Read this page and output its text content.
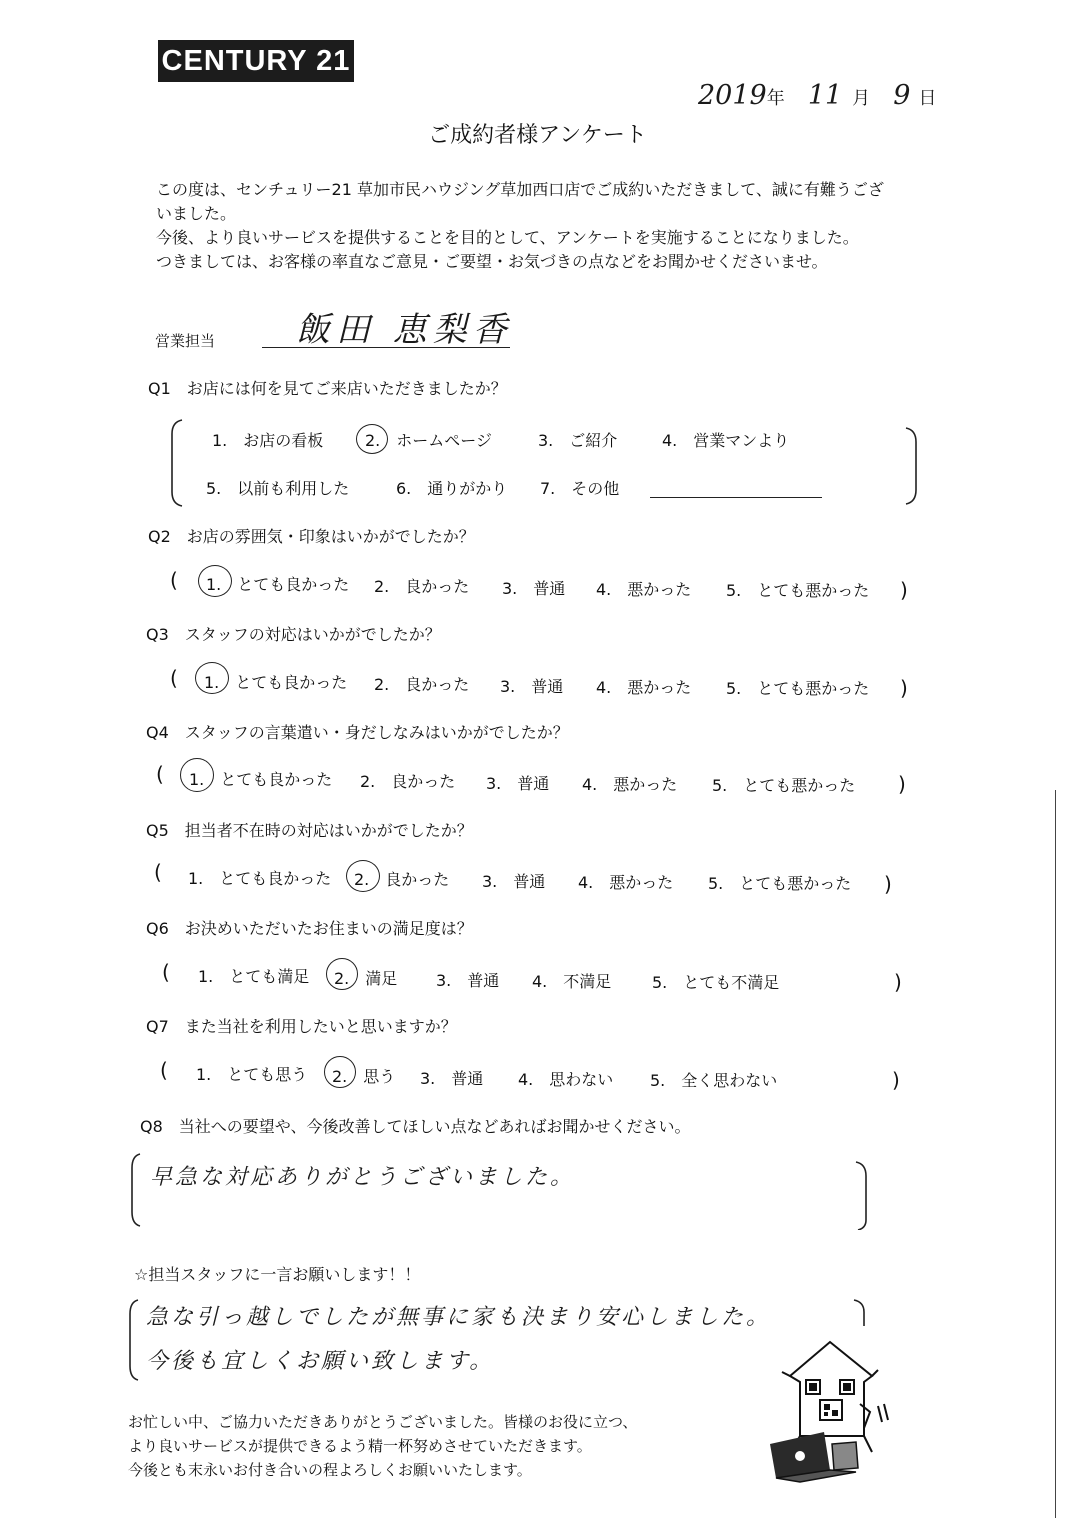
CENTURY 21
2019年 11 月 9 日
ご成約者様アンケート
この度は、センチュリー21 草加市民ハウジング草加西口店でご成約いただきまして、誠に有難うござ
いました。
今後、より良いサービスを提供することを目的として、アンケートを実施することになりました。
つきましては、お客様の率直なご意見・ご要望・お気づきの点などをお聞かせくださいませ。
営業担当 飯田 恵梨香
Q1　お店には何を見てご来店いただきましたか？
1.　お店の看板	2.　ホームページ	3.　ご紹介	4.　営業マンより
5.　以前も利用した	6.　通りがかり 7.　その他
Q2　お店の雰囲気・印象はいかがでしたか？
( 1.　とても良かった 2.　良かった 3.　普通 4.　悪かった 5.　とても悪かった )
Q3　スタッフの対応はいかがでしたか？
( 1.　とても良かった 2.　良かった 3.　普通 4.　悪かった 5.　とても悪かった )
Q4　スタッフの言葉遣い・身だしなみはいかがでしたか？
( 1.　とても良かった 2.　良かった 3.　普通 4.　悪かった 5.　とても悪かった )
Q5　担当者不在時の対応はいかがでしたか？
( 1.　とても良かった 2.　良かった 3.　普通 4.　悪かった 5.　とても悪かった )
Q6　お決めいただいたお住まいの満足度は？
( 1.　とても満足 2.　満足 3.　普通 4.　不満足	5.　とても不満足	)
Q7　また当社を利用したいと思いますか？
( 1.　とても思う 2.　思う 3.　普通 4.　思わない 5.　全く思わない	)
Q8　当社への要望や、今後改善してほしい点などあればお聞かせください。
早急な対応ありがとうございました。
☆担当スタッフに一言お願いします！！
急な引っ越しでしたが無事に家も決まり安心しました。
今後も宜しくお願い致します。
お忙しい中、ご協力いただきありがとうございました。皆様のお役に立つ、
より良いサービスが提供できるよう精一杯努めさせていただきます。
今後とも末永いお付き合いの程よろしくお願いいたします。
